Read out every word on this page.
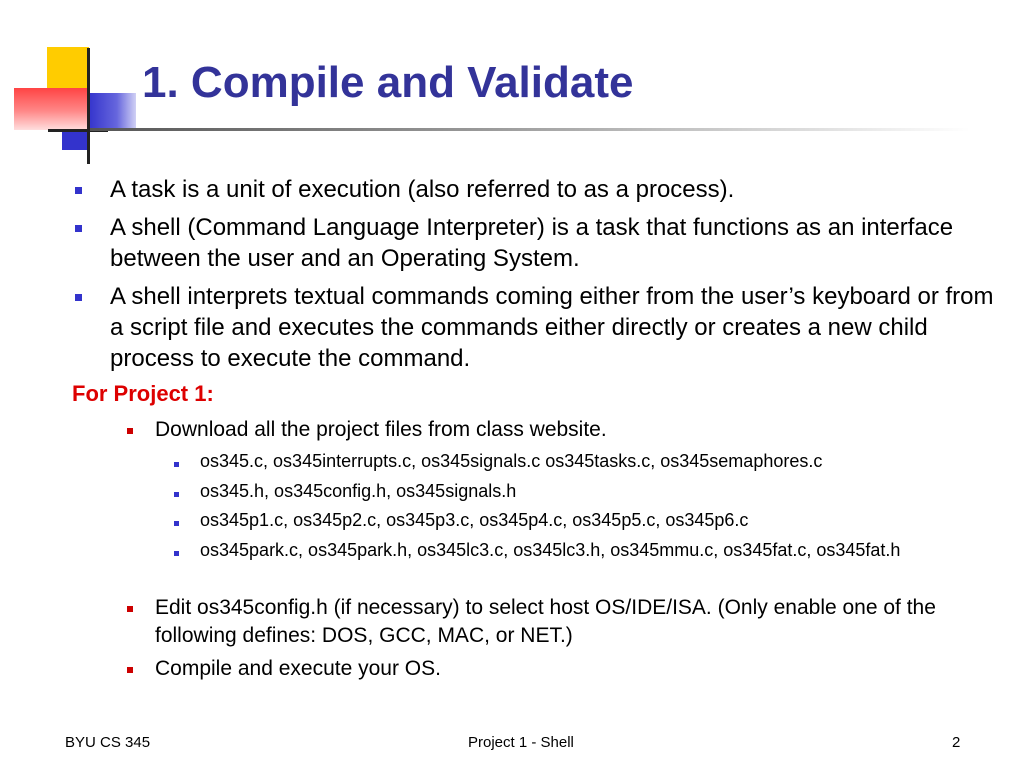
1. Compile and Validate
A task is a unit of execution (also referred to as a process).
A shell (Command Language Interpreter) is a task that functions as an interface between the user and an Operating System.
A shell interprets textual commands coming either from the user’s keyboard or from a script file and executes the commands either directly or creates a new child process to execute the command.
For Project 1:
Download all the project files from class website.
os345.c, os345interrupts.c, os345signals.c os345tasks.c, os345semaphores.c
os345.h, os345config.h, os345signals.h
os345p1.c, os345p2.c, os345p3.c, os345p4.c, os345p5.c, os345p6.c
os345park.c, os345park.h, os345lc3.c, os345lc3.h, os345mmu.c, os345fat.c, os345fat.h
Edit os345config.h (if necessary) to select host OS/IDE/ISA. (Only enable one of the following defines: DOS, GCC, MAC, or NET.)
Compile and execute your OS.
BYU CS 345	Project 1 - Shell	2
